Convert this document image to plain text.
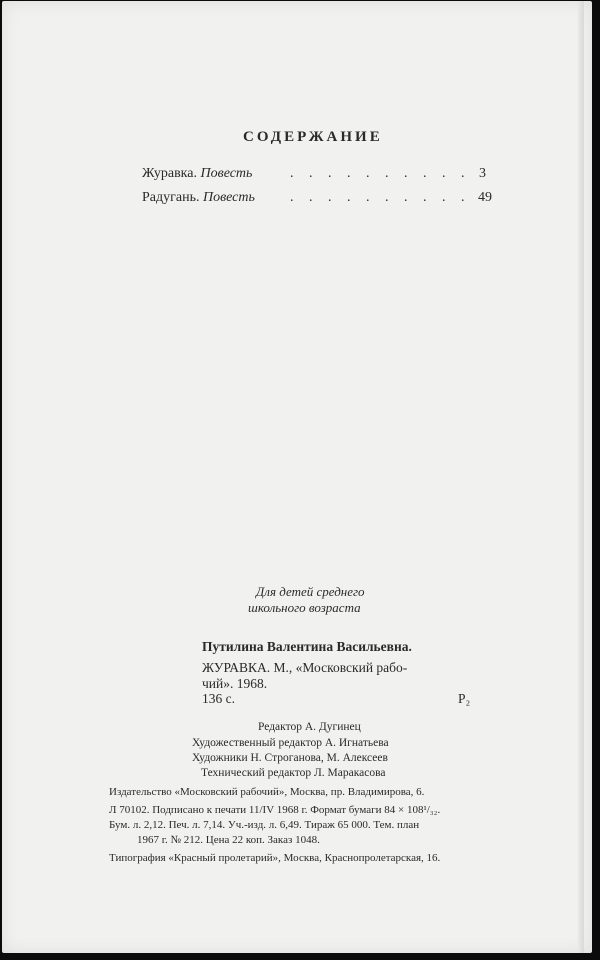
СОДЕРЖАНИЕ
Журавка. Повесть	. . . . . . . . . . 3
Радугань. Повесть	. . . . . . . . . . 49
Для детей среднего
школьного возраста
Путилина Валентина Васильевна.
ЖУРАВКА. М., «Московский рабо-
чий». 1968.
136 с.	Р₂
Редактор А. Дугинец
Художественный редактор А. Игнатьева
Художники Н. Строганова, М. Алексеев
Технический редактор Л. Маракасова
Издательство «Московский рабочий», Москва, пр. Владимирова, 6.
Л 70102. Подписано к печати 11/IV 1968 г. Формат бумаги 84 × 108¹/₃₂.
Бум. л. 2,12. Печ. л. 7,14. Уч.-изд. л. 6,49. Тираж 65 000. Тем. план
1967 г. № 212. Цена 22 коп. Заказ 1048.
Типография «Красный пролетарий», Москва, Краснопролетарская, 16.
